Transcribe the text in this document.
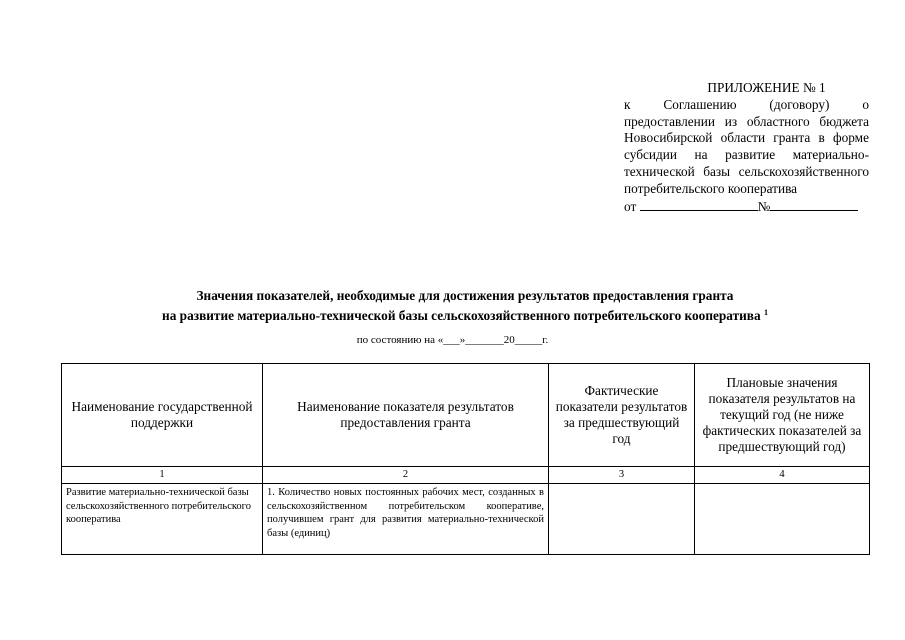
ПРИЛОЖЕНИЕ № 1
к Соглашению (договору) о предоставлении из областного бюджета Новосибирской области гранта в форме субсидии на развитие материально-технической базы сельскохозяйственного потребительского кооператива
от	№
Значения показателей, необходимые для достижения результатов предоставления гранта
на развитие материально-технической базы сельскохозяйственного потребительского кооператива $^1$
по состоянию на «___»_______20_____г.
Наименование государственной поддержки	Наименование показателя результатов предоставления гранта	Фактические показатели результатов за предшествующий год	Плановые значения показателя результатов на текущий год (не ниже фактических показателей за предшествующий год)
1	2	3	4
Развитие материально-технической базы сельскохозяйственного потребительского кооператива	1. Количество новых постоянных рабочих мест, созданных в сельскохозяйственном потребительском кооперативе, получившем грант для развития материально-технической базы (единиц)		
